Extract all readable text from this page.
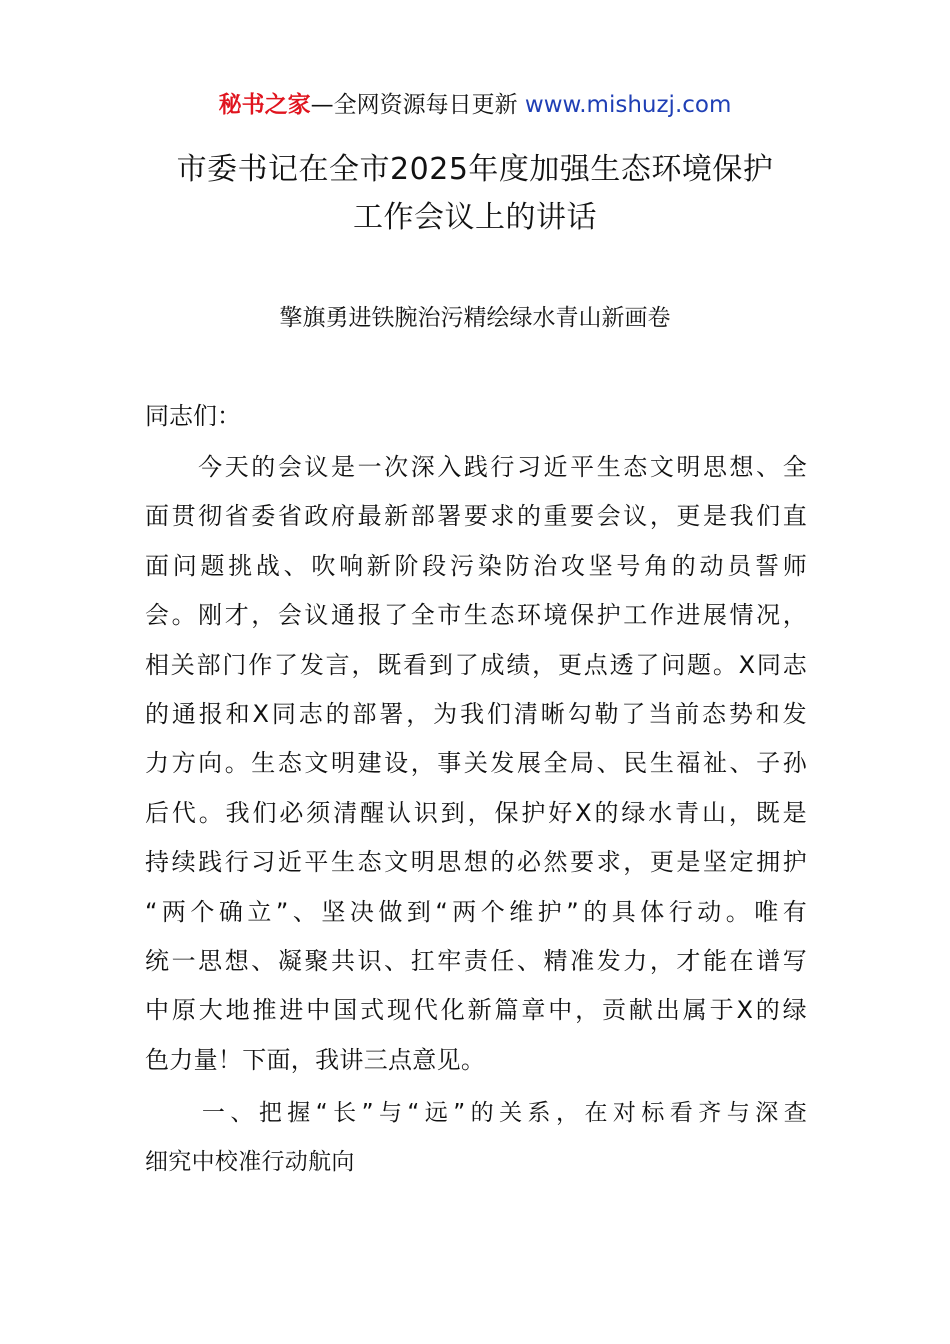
秘书之家—全网资源每日更新 www.mishuzj.com
市委书记在全市2025年度加强生态环境保护
工作会议上的讲话
擎旗勇进铁腕治污精绘绿水青山新画卷
同志们：
　　今天的会议是一次深入践行习近平生态文明思想、全
面贯彻省委省政府最新部署要求的重要会议，更是我们直
面问题挑战、吹响新阶段污染防治攻坚号角的动员誓师
会。刚才，会议通报了全市生态环境保护工作进展情况，
相关部门作了发言，既看到了成绩，更点透了问题。X同志
的通报和X同志的部署，为我们清晰勾勒了当前态势和发
力方向。生态文明建设，事关发展全局、民生福祉、子孙
后代。我们必须清醒认识到，保护好X的绿水青山，既是
持续践行习近平生态文明思想的必然要求，更是坚定拥护
“两个确立”、坚决做到“两个维护”的具体行动。唯有
统一思想、凝聚共识、扛牢责任、精准发力，才能在谱写
中原大地推进中国式现代化新篇章中，贡献出属于X的绿
色力量！下面，我讲三点意见。
　　一、把握“长”与“远”的关系，在对标看齐与深查
细究中校准行动航向
